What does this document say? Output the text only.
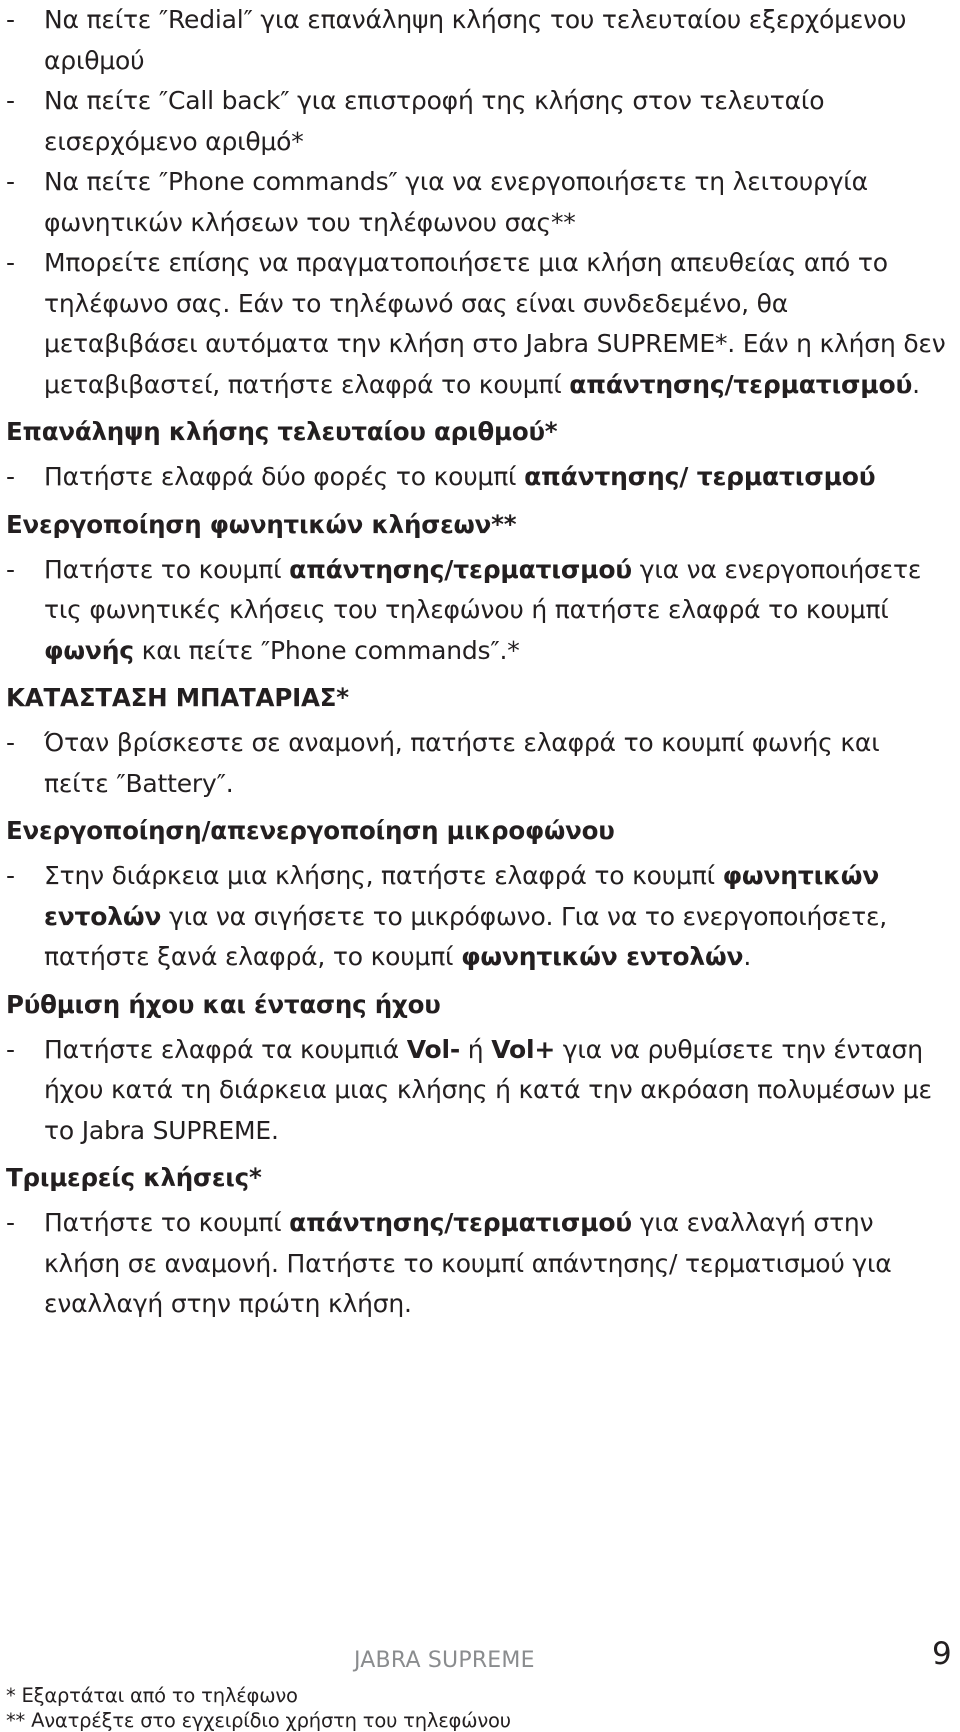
- Να πείτε ″Redial″ για επανάληψη κλήσης του τελευταίου εξερχόμενου αριθμού
- Να πείτε ″Call back″ για επιστροφή της κλήσης στον τελευταίο εισερχόμενο αριθμό*
- Να πείτε ″Phone commands″ για να ενεργοποιήσετε τη λειτουργία φωνητικών κλήσεων του τηλέφωνου σας**
- Μπορείτε επίσης να πραγματοποιήσετε μια κλήση απευθείας από το τηλέφωνο σας. Εάν το τηλέφωνό σας είναι συνδεδεμένο, θα μεταβιβάσει αυτόματα την κλήση στο Jabra SUPREME*. Εάν η κλήση δεν μεταβιβαστεί, πατήστε ελαφρά το κουμπί απάντησης/τερματισμού.
Επανάληψη κλήσης τελευταίου αριθμού*
- Πατήστε ελαφρά δύο φορές το κουμπί απάντησης/ τερματισμού
Ενεργοποίηση φωνητικών κλήσεων**
- Πατήστε το κουμπί απάντησης/τερματισμού για να ενεργοποιήσετε τις φωνητικές κλήσεις του τηλεφώνου ή πατήστε ελαφρά το κουμπί φωνής και πείτε ″Phone commands″.*
ΚΑΤΑΣΤΑΣΗ ΜΠΑΤΑΡΙΑΣ*
- Όταν βρίσκεστε σε αναμονή, πατήστε ελαφρά το κουμπί φωνής και πείτε ″Battery″.
Ενεργοποίηση/απενεργοποίηση μικροφώνου
- Στην διάρκεια μια κλήσης, πατήστε ελαφρά το κουμπί φωνητικών εντολών για να σιγήσετε το μικρόφωνο. Για να το ενεργοποιήσετε, πατήστε ξανά ελαφρά, το κουμπί φωνητικών εντολών.
Ρύθμιση ήχου και έντασης ήχου
- Πατήστε ελαφρά τα κουμπιά Vol- ή Vol+ για να ρυθμίσετε την ένταση ήχου κατά τη διάρκεια μιας κλήσης ή κατά την ακρόαση πολυμέσων με το Jabra SUPREME.
Τριμερείς κλήσεις*
- Πατήστε το κουμπί απάντησης/τερματισμού για εναλλαγή στην κλήση σε αναμονή. Πατήστε το κουμπί απάντησης/ τερματισμού για εναλλαγή στην πρώτη κλήση.
JABRA SUPREME	9
* Εξαρτάται από το τηλέφωνο
** Ανατρέξτε στο εγχειρίδιο χρήστη του τηλεφώνου
